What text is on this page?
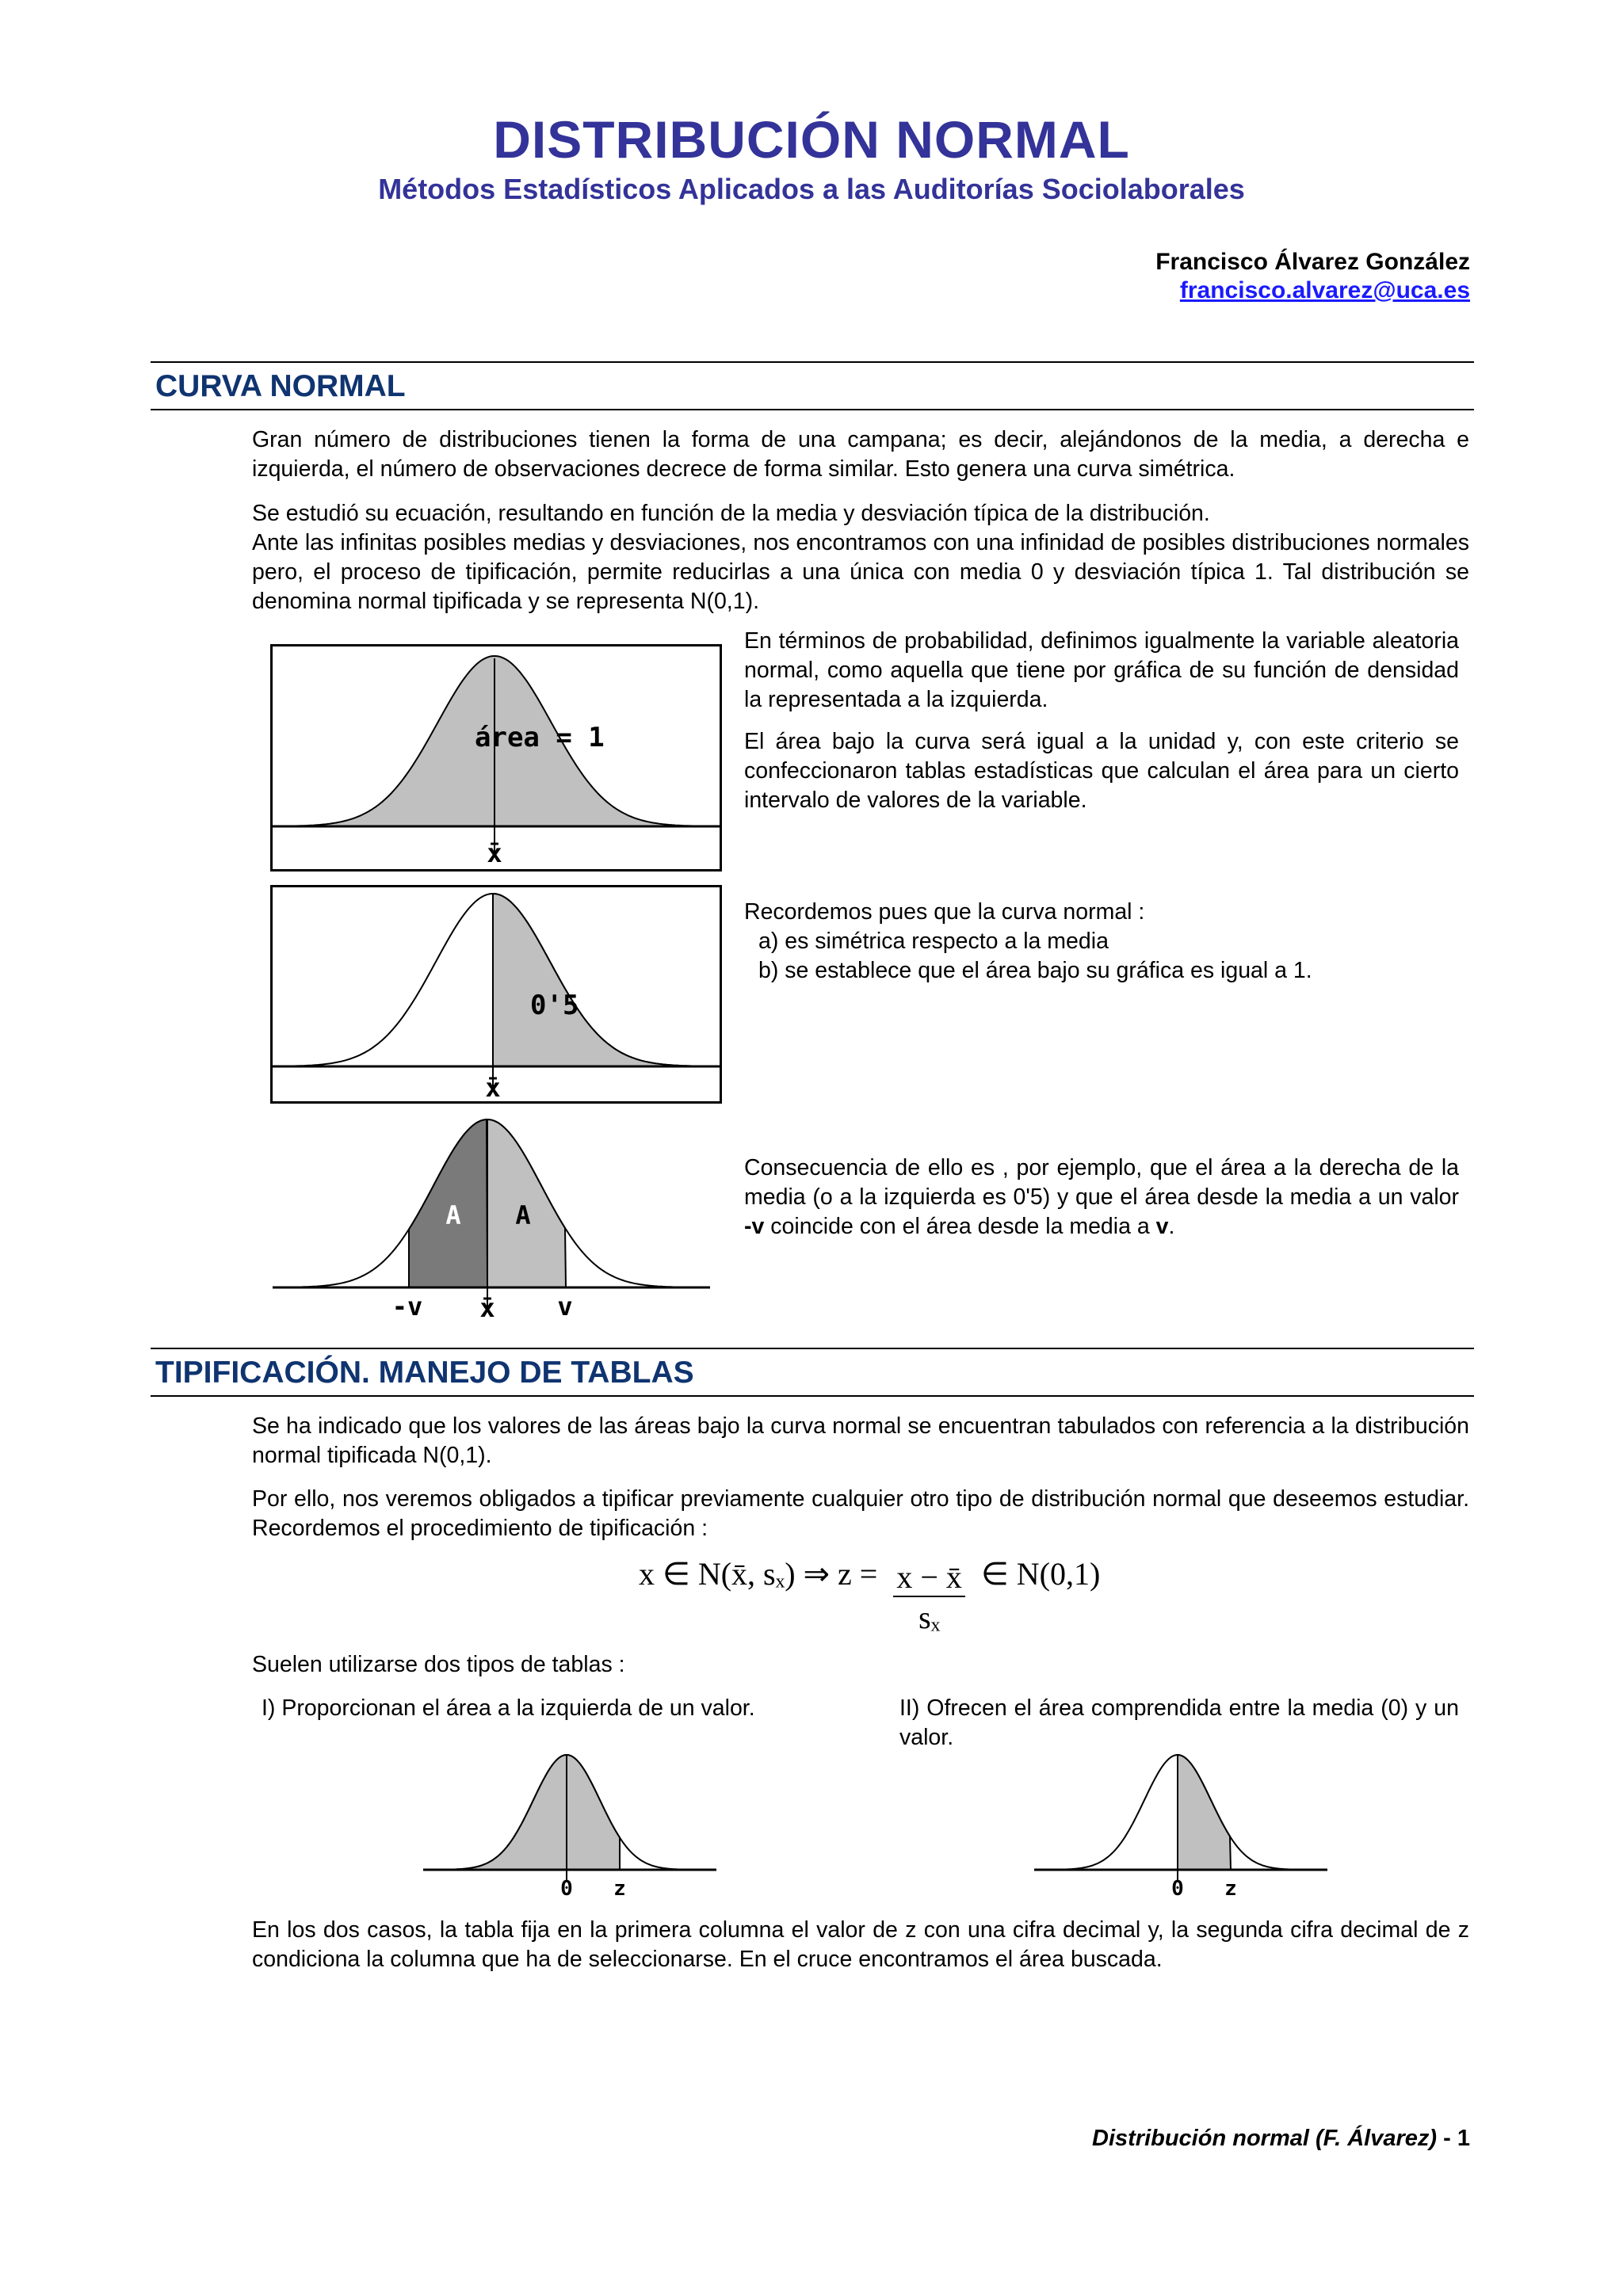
DISTRIBUCIÓN NORMAL
Métodos Estadísticos Aplicados a las Auditorías Sociolaborales
Francisco Álvarez González
francisco.alvarez@uca.es
CURVA NORMAL

Gran número de distribuciones tienen la forma de una campana; es decir, alejándonos de la media, a derecha e izquierda, el número de observaciones decrece de forma similar. Esto genera una curva simétrica.

Se estudió su ecuación, resultando en función de la media y desviación típica de la distribución.

Ante las infinitas posibles medias y desviaciones, nos encontramos con una infinidad de posibles distribuciones normales pero, el proceso de tipificación, permite reducirlas a una única con media 0 y desviación típica 1. Tal distribución se denomina normal tipificada y se representa N(0,1).

área = 1
x̄

En términos de probabilidad, definimos igualmente la variable aleatoria normal, como aquella que tiene por gráfica de su función de densidad la representada a la izquierda.

El área bajo la curva será igual a la unidad y, con este criterio se confeccionaron tablas estadísticas que calculan el área para un cierto intervalo de valores de la variable.

0'5
x̄

Recordemos pues que la curva normal :

a) es simétrica respecto a la media

b) se establece que el área bajo su gráfica es igual a 1.

A A
-v x̄ v

Consecuencia de ello es , por ejemplo, que el área a la derecha de la media (o a la izquierda es 0'5) y que el área desde la media a un valor -v coincide con el área desde la media a v.

TIPIFICACIÓN. MANEJO DE TABLAS

Se ha indicado que los valores de las áreas bajo la curva normal se encuentran tabulados con referencia a la distribución normal tipificada N(0,1).

Por ello, nos veremos obligados a tipificar previamente cualquier otro tipo de distribución normal que deseemos estudiar. Recordemos el procedimiento de tipificación :

x ∈ N(x̄, sₓ) ⇒ $z = \frac{x - x̄}{\text{sₓ}}$ ∈ N(0,1)

Suelen utilizarse dos tipos de tablas :

I) Proporcionan el área a la izquierda de un valor.	II) Ofrecen el área comprendida entre la media (0) y un valor.

0 z	0 z

En los dos casos, la tabla fija en la primera columna el valor de z con una cifra decimal y, la segunda cifra decimal de z condiciona la columna que ha de seleccionarse. En el cruce encontramos el área buscada.

Distribución normal (F. Álvarez) - 1
